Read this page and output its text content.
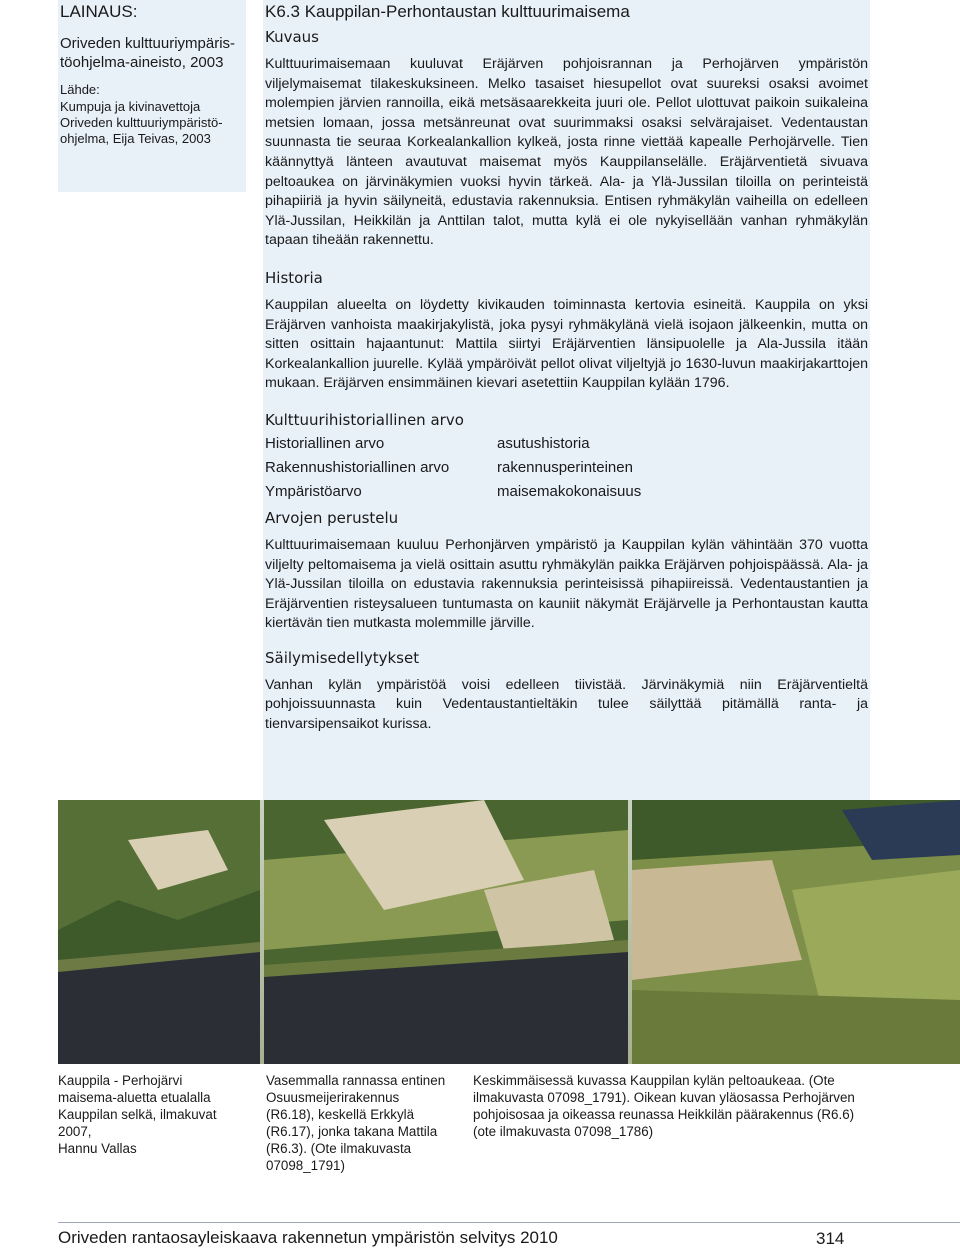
LAINAUS:
Oriveden kulttuuriympäris-
töohjelma-aineisto, 2003
Lähde:
Kumpuja ja kivinavettoja
Oriveden kulttuuriympäristö-
ohjelma, Eija Teivas, 2003
K6.3 Kauppilan-Perhontaustan kulttuurimaisema
Kuvaus

Kulttuurimaisemaan kuuluvat Eräjärven pohjoisrannan ja Perhojärven ympäristön viljelymaisemat tilakeskuksineen. Melko tasaiset hiesupellot ovat suureksi osaksi avoimet molempien järvien rannoilla, eikä metsäsaarekkeita juuri ole. Pellot ulottuvat paikoin suikaleina metsien lomaan, jossa metsänreunat ovat suurimmaksi osaksi selvärajaiset. Vedentaustan suunnasta tie seuraa Korkealankallion kylkeä, josta rinne viettää kapealle Perhojärvelle. Tien käännyttyä länteen avautuvat maisemat myös Kauppilanselälle. Eräjärventietä sivuava peltoaukea on järvinäkymien vuoksi hyvin tärkeä. Ala- ja Ylä-Jussilan tiloilla on perinteistä pihapiiriä ja hyvin säilyneitä, edustavia rakennuksia. Entisen ryhmäkylän vaiheilla on edelleen Ylä-Jussilan, Heikkilän ja Anttilan talot, mutta kylä ei ole nykyisellään vanhan ryhmäkylän tapaan tiheään rakennettu.

Historia

Kauppilan alueelta on löydetty kivikauden toiminnasta kertovia esineitä. Kauppila on yksi Eräjärven vanhoista maakirjakylistä, joka pysyi ryhmäkylänä vielä isojaon jälkeenkin, mutta on sitten osittain hajaantunut: Mattila siirtyi Eräjärventien länsipuolelle ja Ala-Jussila itään Korkealankallion juurelle. Kylää ympäröivät pellot olivat viljeltyjä jo 1630-luvun maakirjakarttojen mukaan. Eräjärven ensimmäinen kievari asetettiin Kauppilan kylään 1796.

Kulttuurihistoriallinen arvo
Historiallinen arvo	asutushistoria
Rakennushistoriallinen arvo	rakennusperinteinen
Ympäristöarvo	maisemakokonaisuus
Arvojen perustelu

Kulttuurimaisemaan kuuluu Perhonjärven ympäristö ja Kauppilan kylän vähintään 370 vuotta viljelty peltomaisema ja vielä osittain asuttu ryhmäkylän paikka Eräjärven pohjoispäässä. Ala- ja Ylä-Jussilan tiloilla on edustavia rakennuksia perinteisissä pihapiireissä. Vedentaustantien ja Eräjärventien risteysalueen tuntumasta on kauniit näkymät Eräjärvelle ja Perhontaustan kautta kiertävän tien mutkasta molemmille järville.

Säilymisedellytykset

Vanhan kylän ympäristöä voisi edelleen tiivistää. Järvinäkymiä niin Eräjärventieltä pohjoissuunnasta kuin Vedentaustantieltäkin tulee säilyttää pitämällä ranta- ja tienvarsipensaikot kurissa.

Kauppila - Perhojärvi maisema-aluetta etualalla Kauppilan selkä, ilmakuvat 2007,
Hannu Vallas
Vasemmalla rannassa entinen Osuusmeijerirakennus (R6.18), keskellä Erkkylä (R6.17), jonka takana Mattila (R6.3). (Ote ilmakuvasta 07098_1791)
Keskimmäisessä kuvassa Kauppilan kylän peltoaukeaa. (Ote ilmakuvasta 07098_1791). Oikean kuvan yläosassa Perhojärven pohjoisosaa ja oikeassa reunassa Heikkilän päärakennus (R6.6) (ote ilmakuvasta 07098_1786)
Oriveden rantaosayleiskaava rakennetun ympäristön selvitys 2010	314
